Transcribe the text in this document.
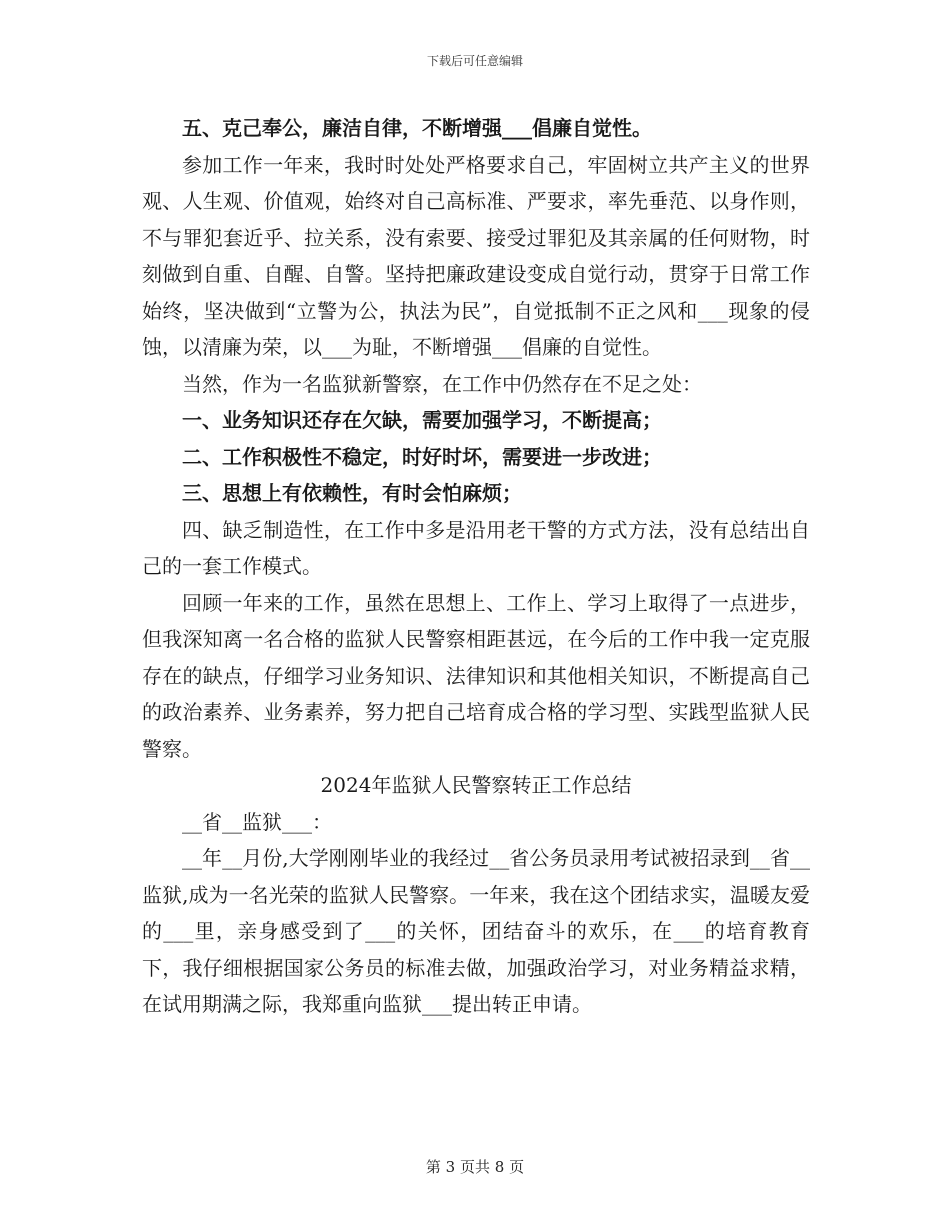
下载后可任意编辑

五、克己奉公，廉洁自律，不断增强___倡廉自觉性。

参加工作一年来，我时时处处严格要求自己，牢固树立共产主义的世界观、人生观、价值观，始终对自己高标准、严要求，率先垂范、以身作则，不与罪犯套近乎、拉关系，没有索要、接受过罪犯及其亲属的任何财物，时刻做到自重、自醒、自警。坚持把廉政建设变成自觉行动，贯穿于日常工作始终，坚决做到“立警为公，执法为民”，自觉抵制不正之风和___现象的侵蚀，以清廉为荣，以___为耻，不断增强___倡廉的自觉性。

当然，作为一名监狱新警察，在工作中仍然存在不足之处：

一、业务知识还存在欠缺，需要加强学习，不断提高；

二、工作积极性不稳定，时好时坏，需要进一步改进；

三、思想上有依赖性，有时会怕麻烦；

四、缺乏制造性，在工作中多是沿用老干警的方式方法，没有总结出自己的一套工作模式。

回顾一年来的工作，虽然在思想上、工作上、学习上取得了一点进步，但我深知离一名合格的监狱人民警察相距甚远，在今后的工作中我一定克服存在的缺点，仔细学习业务知识、法律知识和其他相关知识，不断提高自己的政治素养、业务素养，努力把自己培育成合格的学习型、实践型监狱人民警察。

2024年监狱人民警察转正工作总结

__省__监狱___：

__年__月份,大学刚刚毕业的我经过__省公务员录用考试被招录到__省__监狱,成为一名光荣的监狱人民警察。一年来，我在这个团结求实，温暖友爱的___里，亲身感受到了___的关怀，团结奋斗的欢乐，在___的培育教育下，我仔细根据国家公务员的标准去做，加强政治学习，对业务精益求精，在试用期满之际，我郑重向监狱___提出转正申请。

第 3 页共 8 页
